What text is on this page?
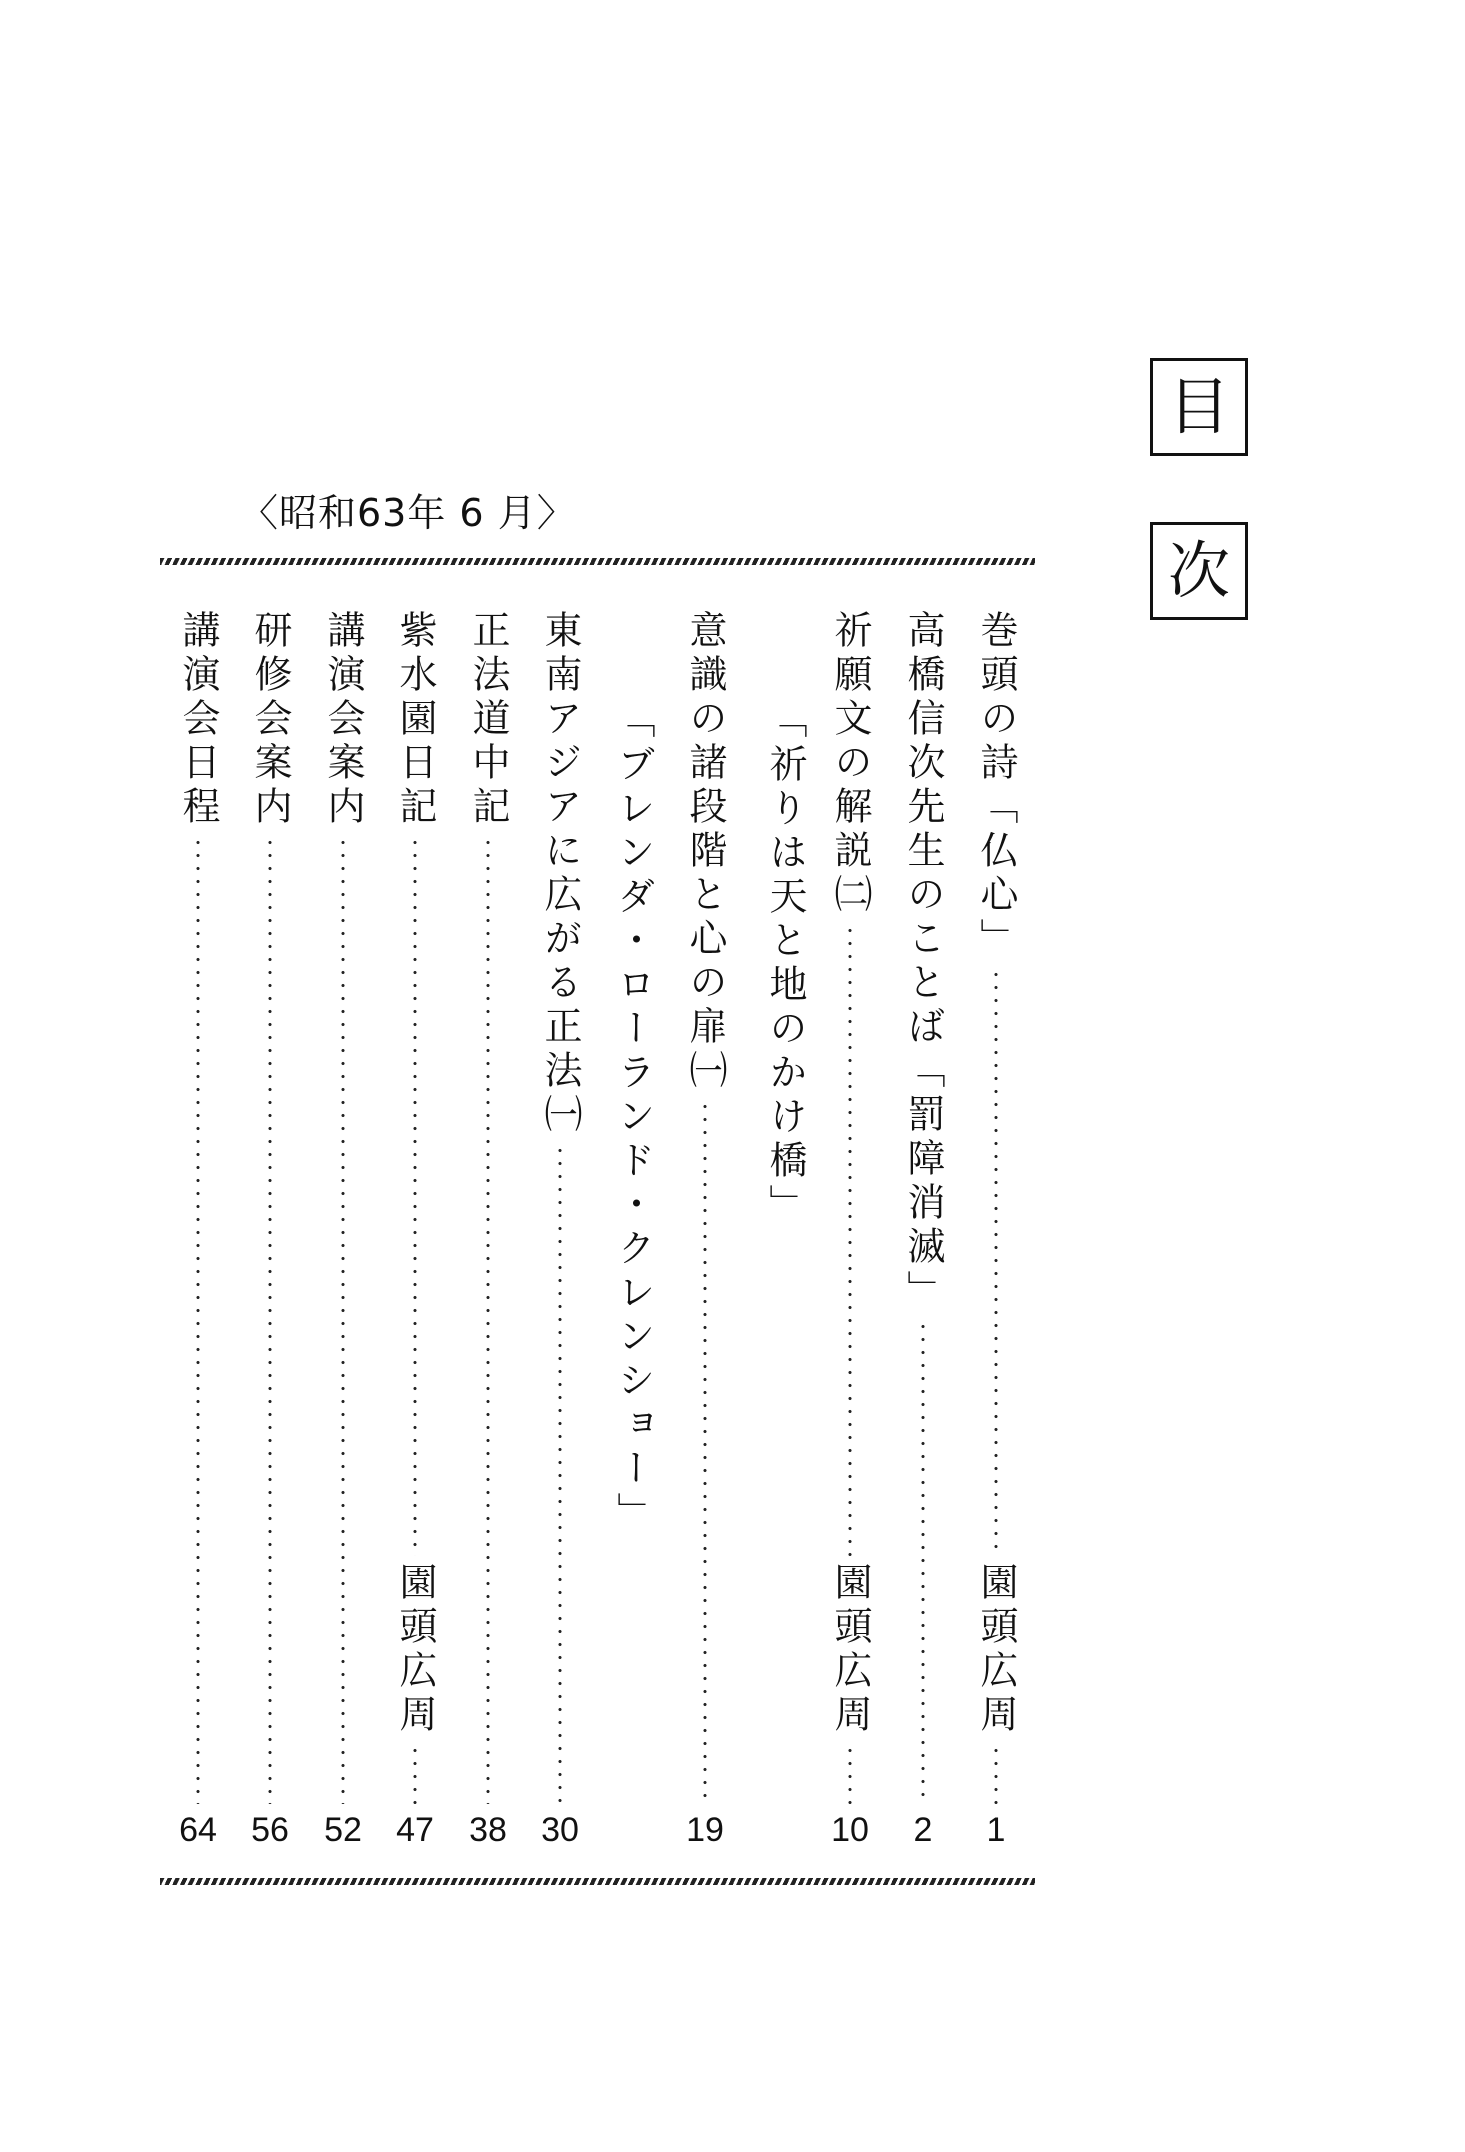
目
次
〈昭和63年 6 月〉
巻頭の詩「仏心」
園頭広周
1
高橋信次先生のことば「罰障消滅」
2
祈願文の解説㈡
園頭広周
10
「祈りは天と地のかけ橋」
意識の諸段階と心の扉㈠
19
「ブレンダ・ローランド・クレンショー」
東南アジアに広がる正法㈠
30
正法道中記
38
紫水園日記
園頭広周
47
講演会案内
52
研修会案内
56
講演会日程
64
